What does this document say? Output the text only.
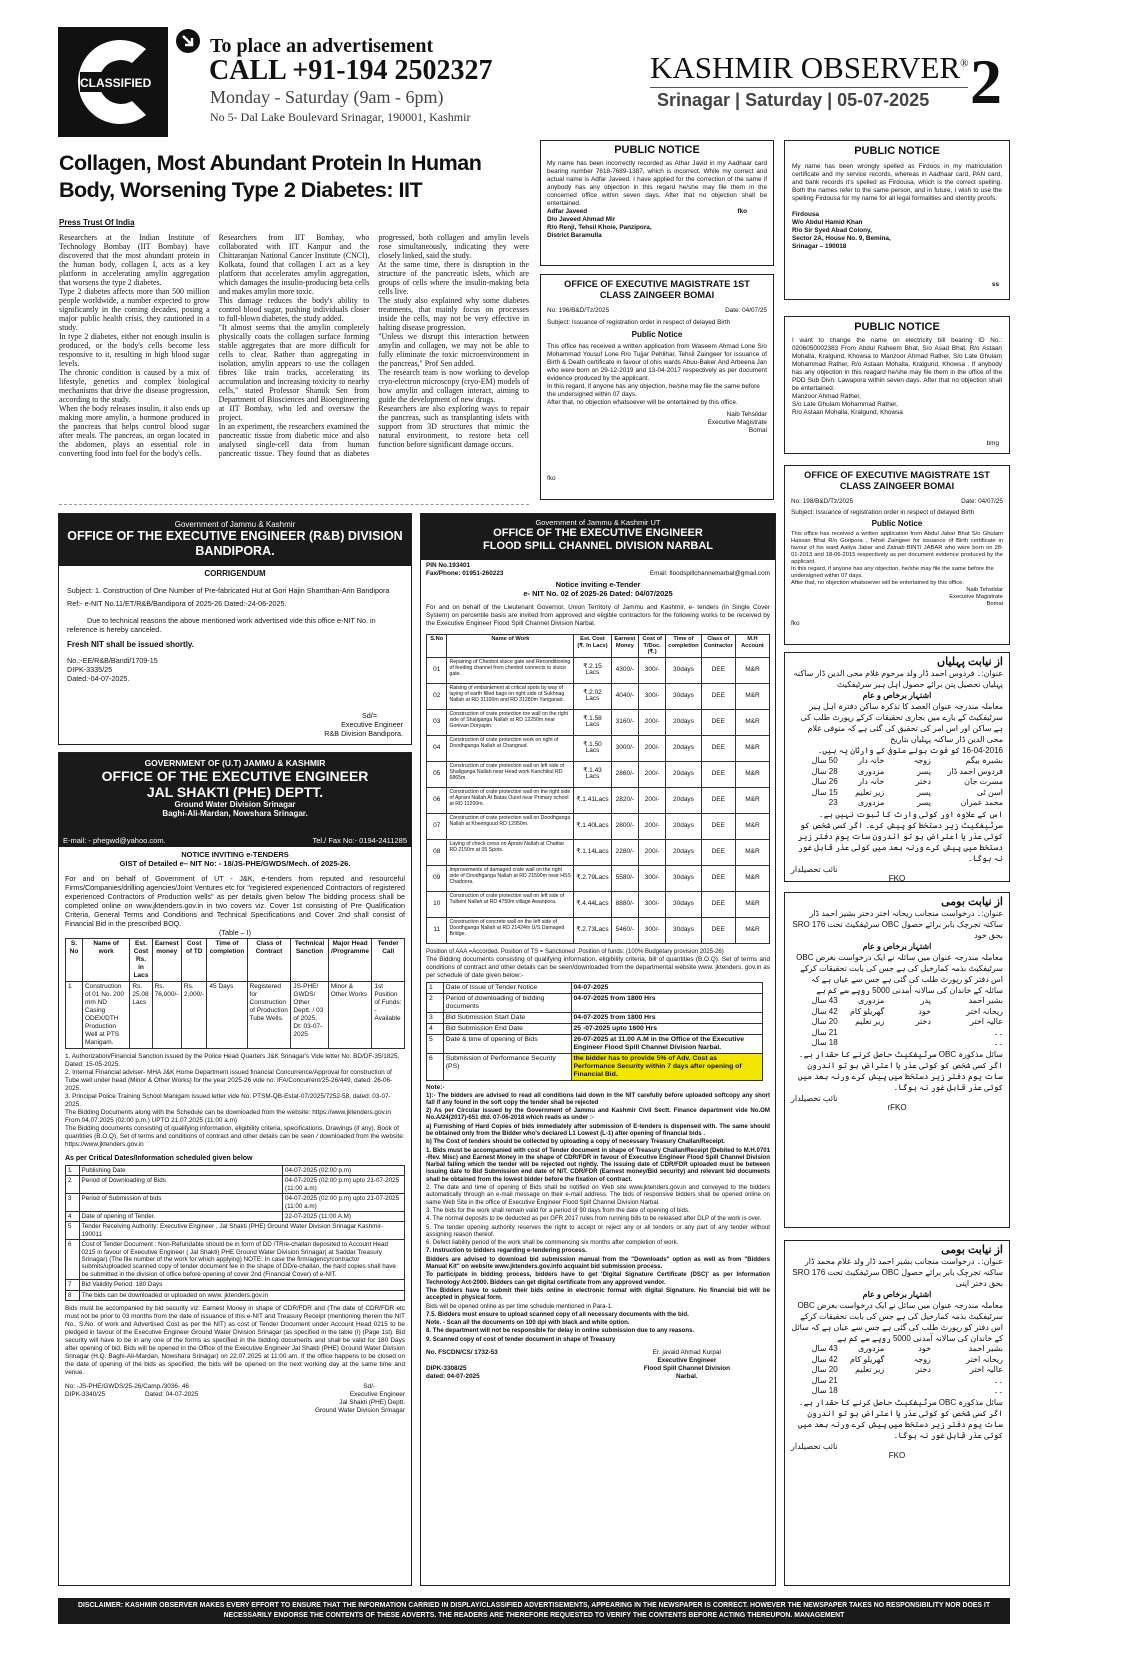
CLASSIFIED
To place an advertisement
CALL +91-194 2502327
Monday - Saturday (9am - 6pm)
No 5- Dal Lake Boulevard Srinagar, 190001, Kashmir
KASHMIR OBSERVER®
Srinagar | Saturday | 05-07-2025 2
Collagen, Most Abundant Protein In Human Body, Worsening Type 2 Diabetes: IIT
Press Trust Of India

Researchers at the Indian Institute of Technology Bombay (IIT Bombay) have discovered that the most abundant protein in the human body, collagen I, acts as a key platform in accelerating amylin aggregation that worsens the type 2 diabetes.

Type 2 diabetes affects more than 500 million people worldwide, a number expected to grow significantly in the coming decades, posing a major public health crisis, they cautioned in a study.

In type 2 diabetes, either not enough insulin is produced, or the body's cells become less responsive to it, resulting in high blood sugar levels.

The chronic condition is caused by a mix of lifestyle, genetics and complex biological mechanisms that drive the disease progression, according to the study.

When the body releases insulin, it also ends up making more amylin, a hormone produced in the pancreas that helps control blood sugar after meals. The pancreas, an organ located in the abdomen, plays an essential role in converting food into fuel for the body's cells.

Researchers from IIT Bombay, who collaborated with IIT Kanpur and the Chittaranjan National Cancer Institute (CNCI), Kolkata, found that collagen I act as a key platform that accelerates amylin aggregation, which damages the insulin-producing beta cells and makes amylin more toxic.

This damage reduces the body's ability to control blood sugar, pushing individuals closer to full-blown diabetes, the study added.

"It almost seems that the amylin completely physically coats the collagen surface forming stable aggregates that are more difficult for cells to clear. Rather than aggregating in isolation, amylin appears to use the collagen fibres like train tracks, accelerating its accumulation and increasing toxicity to nearby cells," stated Professor Shamik Sen from Department of Biosciences and Bioengineering at IIT Bombay, who led and oversaw the project.

In an experiment, the researchers examined the pancreatic tissue from diabetic mice and also analysed single-cell data from human pancreatic tissue. They found that as diabetes progressed, both collagen and amylin levels rose simultaneously, indicating they were closely linked, said the study.

At the same time, there is disruption in the structure of the pancreatic islets, which are groups of cells where the insulin-making beta cells live.

The study also explained why some diabetes treatments, that mainly focus on processes inside the cells, may not be very effective in halting disease progression.

"Unless we disrupt this interaction between amylin and collagen, we may not be able to fully eliminate the toxic microenvironment in the pancreas," Prof Sen added.

The research team is now working to develop cryo-electron microscopy (cryo-EM) models of how amylin and collagen interact, aiming to guide the development of new drugs.

Researchers are also exploring ways to repair the pancreas, such as transplanting islets with support from 3D structures that mimic the natural environment, to restore beta cell function before significant damage occurs.

PUBLIC NOTICE

My name has been incorrectly recorded as Athar Javid in my Aadhaar card bearing number 7618-7689-1387, which is incorrect. While my correct and actual name is Adfar Javeed. I have applied for the correction of the same if anybody has any objection in this regard he/she may file them in the concerned office within seven days. After that no objection shall be entertained.

Adfar Javeed

D/o Javeed Ahmad Mir

R/o Renji, Tehsil Khoie, Panzipora,

District Baramulla

fko
OFFICE OF EXECUTIVE MAGISTRATE 1ST CLASS ZAINGEER BOMAI
No: 196/B&D/Tz/2025	Date: 04/07/25

Subject: Issuance of registration order in respect of delayed Birth

Public Notice

This office has received a written application from Waseem Ahmad Lone S/o Mohammad Yousuf Lone R/o Tujjar Pehlihar, Tehsil Zaingeer for issuance of Birth & Death certificate in favour of ohis wards Abuu-Baker And Arbeena Jan who were born on 29-12-2019 and 13-04-2017 respectively as per document evidence produced by the applicant.

In this regard, if anyone has any objection, he/she may file the same before the undersigned within 07 days.

After that, no objection whatsoever will be entertained by this office.

Naib Tehsildar

Executive Magistrate

Bomai

fko

PUBLIC NOTICE

My name has been wrongly spelled as Firdoos in my matriculation certificate and my service records, whereas in Aadhaar card, PAN card, and bank records it's spelled as Firdousa, which is the correct spelling. Both the names refer to the same person, and in future, I wish to use the spelling Firdousa for my name for all legal formalities and identity proofs.

Firdousa

W/o Abdul Hamid Khan

R/o Sir Syed Abad Colony,

Sector 2A, House No. 9, Bemina,

Srinagar – 190018

ss
PUBLIC NOTICE

I want to change the name on electricity bill bearing ID No.: 0206050002383 From Abdul Raheem Bhat, S/o Asad Bhat, R/o Astaan Mohalla, Kralgund, Khowsa to Manzoor Ahmad Rather, S/o Late Ghulam Mohammad Rather, R/o Astaan Mohalla, Kralgund, Khowsa . If anybody has any objection in this reagard he/she may file them in the office of the PDD Sub Divn. Lawapora within seven days. After that no objection shall be entertained.

Manzoor Ahmad Rather,

S/o Late Ghulam Mohammad Rather,

R/o Astaan Mohalla, Kralgund, Khowsa

bmg
OFFICE OF EXECUTIVE MAGISTRATE 1ST CLASS ZAINGEER BOMAI
No: 198/B&D/Tz/2025	Date: 04/07/25

Subject: Issuance of registration order in respect of delayed Birth

Public Notice

This office has received a written application from Abdul Jabar Bhat S/o Ghulam Hassan Bhat R/o Goripora , Tehsil Zaingeer for issuance of Birth certificate in favour of his ward Aaliya Jabar and Zainab BINTI JABAR who were born on 28-01-2013 and 18-06-2015 respectively as per document evidence produced by the applicant.

In this regard, if anyone has any objection, he/she may file the same before the undersigned within 07 days.

After that, no objection whatsoever will be entertained by this office.

Naib Tehsildar

Executive Magistrate

Bomai

fko

Government of Jammu & Kashmir

OFFICE OF THE EXECUTIVE ENGINEER (R&B) DIVISION BANDIPORA.

CORRIGENDUM

Subject: 1. Construction of One Number of Pre-fabricated Hut at Gori Hajin Shamthan-Arin Bandipora

Ref:- e-NIT No.11/ET/R&B/Bandipora of 2025-26 Dated:-24-06-2025.

Due to technical reasons the above mentioned work advertised vide this office e-NIT No. in reference is hereby canceled.

Fresh NIT shall be issued shortly.

No.:-EE/R&B/Bandi/1709-15

DIPK-3335/25

Dated:-04-07-2025.

Sd/=

Executive Engineer

R&B Division Bandipora.

GOVERNMENT OF (U.T) JAMMU & KASHMIR

OFFICE OF THE EXECUTIVE ENGINEER

JAL SHAKTI (PHE) DEPTT.

Ground Water Division Srinagar

Baghi-Ali-Mardan, Nowshara Srinagar.

E-mail: - phegwd@yahoo.com.	Tel./ Fax No:- 0194-2411285

NOTICE INVITING e-TENDERS

GIST of Detailed e– NIT No: - 18/JS-PHE/GWDS/Mech. of 2025-26.

For and on behalf of Government of UT - J&K, e-tenders from reputed and resourceful Firms/Companies/drilling agencies/Joint Ventures etc for "registered experienced Contractors of registered experienced Contractors of Production wells" as per details given below The bidding process shall be completed online on www.jktenders.gov.in in two covers viz. Cover 1st consisting of Pre Qualification Criteria, General Terms and Conditions and Technical Specifications and Cover 2nd shall consist of Financial Bid in the prescribed BOQ.

(Table – I)

S. No	Name of work	Est. Cost Rs. in Lacs	Earnest money	Cost of TD	Time of completion	Class of Contract	Technical Sanction	Major Head /Programme	Tender Call
1	Construction of 01 No. 200 mm ND Casing ODEX/DTH Production Well at PTS Manigam.	Rs. 25.08 Lacs	Rs. 76,000/-	Rs. 2,000/-	45 Days	Registered for Construction of Production Tube Wells.	JS-PHE/ GWDS/ Other Deptt. / 03 of 2025, Dt: 03-07-2025	Minor & Other Works	1st Position of Funds: - Available

1. Authorization/Financial Sanction issued by the Police Head Quarters J&K Srinagar's Vide letter No: BD/DF-35/1825, Dated: 15-05-2025.

2. Internal Financial adviser- MHA J&K Home Department issued financial Concurrence/Approval for construction of Tube well under head (Minor & Other Works) for the year 2025-26 vide no: IFA/Concurrent/25-26/449, dated: 26-06-2025.

3. Principal Police Training School Manigam issued letter vide No: PTSM-QB-Estat-07/2025/7252-58, dated: 03-07-2025.

The Bidding Documents along with the Schedule can be downloaded from the website: https://www.jktenders.gov.in From 04.07.2025 (02:00 p.m.) UPTO 21.07.2025 (11:00 a.m)

The Bidding documents consisting of qualifying information, eligibility criteria, specifications, Drawings (if any), Book of quantities (B.O.Q), Set of terms and conditions of contract and other details can be seen / downloaded from the website: https://www.jktenders.gov.in

As per Critical Dates/Information scheduled given below

1	Publishing Date	04-07-2025 (02:00 p.m)
2	Period of Downloading of Bids	04-07-2025 (02:00 p.m) upto 21-07-2025 (11:00 a.m)
3	Period of Submission of bids	04-07-2025 (02:00 p.m) upto 21-07-2025 (11:00 a.m)
4	Date of opening of Tender.	22-07-2025 (11:00 A.M)
5	Tender Receiving Authority: Executive Engineer , Jal Shakti (PHE) Ground Water Division Srinagar Kashmir-190011	
6	Cost of Tender Document : Non-Refundable should be in form of DD /TR/e-challan deposited to Account Head 0215 in favour of Executive Engineer ( Jal Shakti) PHE Ground Water Division Srinagar( at Saddar Treasury Srinagar) (The file number of the work for which applying) NOTE: In case the firm/agency/contractor submits/uploaded scanned copy of tender document fee in the shape of DD/e-challan, the hard copies shall have be submitted in the division of office before opening of cover 2nd (Financial Cover) of e-NIT.	
7	Bid Validity Period: 180 Days	
8	The bids can be downloaded or uploaded on www. jktenders.gov.in	

Bids must be accompanied by bid security viz: Earnest Money in shape of CDR/FDR and (The date of CDR/FDR etc must not be prior to 03 months from the date of issuance of this e-NIT and Treasury Receipt (mentioning therein the NIT No., S.No. of work and Advertised Cost as per the NIT) as cost of Tender Document under Account Head 0215 to be pledged in favour of the Executive Engineer Ground Water Division Srinagar (as specified in the table (I) (Page 1st). Bid security will have to be in any one of the forms as specified in the bidding documents and shall be valid for 180 Days after opening of bid. Bids will be opened in the Office of the Executive Engineer Jal Shakti (PHE) Ground Water Division Srinagar (H.Q. Baghi-Ali-Mardan, Nowshara Srinagar) on 22.07.2025 at 11:00 am. If the office happens to be closed on the date of opening of the bids as specified, the bids will be opened on the next working day at the same time and venue.

No: -JS-PHE/GWDS/25-26/Camp./3036- 46

DIPK-3340/25	Dated: 04-07-2025

Sd/-

Executive Engineer

Jal Shakti (PHE) Deptt.

Ground Water Division Srinagar

Government of Jammu & Kashmir UT

OFFICE OF THE EXECUTIVE ENGINEER

FLOOD SPILL CHANNEL DIVISION NARBAL

PIN No.193401

Fax/Phone: 01951-260223	Email: floodspillchannelnarbal@gmail.com

Notice inviting e-Tender

e- NIT No. 02 of 2025-26 Dated: 04/07/2025

For and on behalf of the Lieutenant Governor, Union Territory of Jammu and Kashmir, e- tenders (in Single Cover System) on percentile basis are invited from approved and eligible contractors for the following works to be received by the Executive Engineer Flood Spill Channel Division Narbal.

S.No	Name of Work	Est. Cost (₹. In Lacs)	Earnest Money	Cost of T/Doc. (₹.)	Time of completion	Class of Contractor	M.H Account
01	Repairing of Chenbol sluice gate and Reconditioning of feeding channel from chenbol connects to sluice gate.	₹.2.15 Lacs	4300/-	300/-	30days	DEE	M&R
02	Raising of embankment at critical spots by way of laying of earth filled bags on right side of Sukhnag Nallah at RD 31100m and RD 31280m Yariganad.	₹.2.02 Lacs	4040/-	300/-	30days	DEE	M&R
03	Construction of crate protection toe wall on the right side of Shaliganga Nallah at RD 12250m near Gonivan Doryapin.	₹.1.58 Lacs	3160/-	200/-	20days	DEE	M&R
04	Construction of crate protection work on right of Doodhganga Nallah at Changnud.	₹.1.50 Lacs	3000/-	200/-	20days	DEE	M&R
05	Construction of crate protection wall on left side of Shaliganga Nallah near Head work Kanchikul RD 6865m.	₹.1.43 Lacs	2860/-	200/-	20days	DEE	M&R
06	Construction of crate protection wall on the right side of Aprani Nallah At Batas Ound near Primary school at RD 11200m.	₹.1.41Lacs	2820/-	200/-	20days	DEE	M&R
07	Construction of crate protection wall on Doodhganga Nallah at Kheeriguud RD 12950m.	₹.1.40Lacs	2800/-	200/-	20days	DEE	M&R
08	Laying of check cress on Aprani Nallah at Chattiar RD 2150m at 05 Spots.	₹.1.14Lacs	2280/-	200/-	20days	DEE	M&R
09	Improvements of damaged crate wall on the right side of Doodhganga Nallah at RD 21590m near HSS Chadoora.	₹.2.79Lacs	5580/-	300/-	30days	DEE	M&R
10	Construction of crate protection wall on left side of Tulbeni Nallah at RD 4750m village Awanpora.	₹.4.44Lacs	8880/-	300/-	30days	DEE	M&R
11	Construction of concrete wall on the left side of Doodhganga Nallah at RD 21424m U/S Damaged Bridge.	₹.2.73Lacs	5460/-	300/-	30days	DEE	M&R

Position of AAA =Accorded. Position of TS = Sanctioned .Position of funds: (100% Budgetary provision 2025-26)

The Bidding documents consisting of qualifying information, eligibility criteria, bill of quantities (B.O.Q). Set of terms and conditions of contract and other details can be seen/downloaded from the departmental website www. jktenders. gov.in as per schedule of date given below:-

1	Date of Issue of Tender Notice	04-07-2025
2	Period of downloading of bidding documents	04-07-2025 from 1800 Hrs
3	Bid Submission Start Date	04-07-2025 from 1800 Hrs
4	Bid Submission End Date	25 -07-2025 upto 1600 Hrs
5	Date & time of opening of Bids	26-07-2025 at 11.00 A.M in the Office of the Executive Engineer Flood Spill Channel Division Narbal.
6	Submission of Performance Security (PS)	the bidder has to provide 5% of Adv. Cost as Performance Security within 7 days after opening of Financial Bid.

Note:-

1):- The bidders are advised to read all conditions laid down in the NIT carefully before uploaded softcopy any short fall if any found in the soft copy the tender shall be rejected

2) As per Circular issued by the Government of Jammu and Kashmir Civil Sectt. Finance department vide No.OM No.A/24(2017)-651 dtd. 07-06-2018 which reads as under :-

a) Furnishing of Hard Copies of bids immediately after submission of E-tenders is dispensed with. The same should be obtained only from the Bidder who's declared L1 Lowest (L-1) after opening of financial bids .

b) The Cost of tenders should be collected by uploading a copy of necessary Treasury Challan/Receipt.

1. Bids must be accompanied with cost of Tender document in shape of Treasury Challan/Receipt (Debited to M.H.0701 -Rev. Misc) and Earnest Money in the shape of CDR/FDR in favour of Executive Engineer Flood Spill Channel Division Narbal failing which the tender will be rejected out rightly. The issuing date of CDR/FDR uploaded must be between issuing date to Bid Submission end date of NIT. CDR/FDR (Earnest money/Bid security) and relevant bid documents shall be obtained from the lowest bidder before the fixation of contract.

2. The date and time of opening of Bids shall be notified on Web site www.jktenders.gov.in and conveyed to the bidders automatically through an e-mail message on their e-mail address. The bids of responsive bidders shall be opened online on same Web Site in the office of Executive Engineer Flood Spill Channel Division Narbal.

3. The bids for the work shall remain valid for a period of 90 days from the date of opening of bids.

4. The normal deposits to be deducted as per GFR 2017 rules from running bills to be released after DLP of the work is over.

5. The tender opening authority reserves the right to accept or reject any or all tenders or any part of any tender without assigning reason thereof.

6. Defect liability period of the work shall be commencing six months after completion of work.

7. Instruction to bidders regarding e-tendering process.

Bidders are advised to download bid submission manual from the "Downloads" option as well as from "Bidders Manual Kit" on website www.jktenders.gov.info acquaint bid submission process.

To participate in bidding process, bidders have to get 'Digital Signature Certificate (DSC)' as per Information Technology Act-2000. Bidders can get digital certificate from any approved vendor.

The Bidders have to submit their bids online in electronic format with digital Signature. No financial bid will be accepted in physical form.

Bids will be opened online as per time schedule mentioned in Para-1.

7.5. Bidders must ensure to upload scanned copy of all necessary documents with the bid.

Note. - Scan all the documents on 100 dpi with black and white option.

8. The department will not be responsible for delay in online submission due to any reasons.

9. Scanned copy of cost of tender document in shape of Treasury

No. FSCDN/CS/ 1732-53

DIPK-3308/25

dated: 04-07-2025

Er. javaid Ahmad Kurpal

Executive Engineer

Flood Spill Channel Division

Narbal.

از نیابت پہلیاں

عنوان:۔ فردوس احمد ڈار ولد مرحوم غلام محی الدین ڈار ساکنہ پہلیاں تحصیل پتن برائے حصول اہل ہیر سرٹیفکیٹ

اشتہار برخاص و عام

معاملہ مندرجہ عنوان العصد کا تذکرہ ساکن دفترہ اہل ہیر سرٹیفکیٹ کے بارے میں بجاری تحقیقات کرکے رپورٹ طلب کی ہے ساکن اور اس امر کی تحقیق کی گئی ہے کہ متوفی غلام محی الدین ڈار ساکنہ پہلیاں بتاریخ

16-04-2016 کو فوت ہوئے متوفی کے وارثان یہ ہیں۔

بشیرہ بیگم
زوجہ
خانہ دار
50 سال
فردوس احمد ڈار
پسر
مزدوری
28 سال
مسرت جان
دختر
خانہ دار
26 سال
اسن ٹی
پسر
زیر تعلیم
15 سال
محمد عمران
پسر
مزدوری
23

اس کے علاوہ اور کوئی وارث کا ثبوت نہیں ہے۔ سرٹیفکیٹ زیر دستخط کو پیش کرے۔ اگر کسی شخص کو کوئی عذر یا اعتراض ہو تو اندرون سات یوم دفتر زیر دستخط میں پیش کرے ورنہ بعد میں کوئی عذر قابل غور نہ ہوگا۔

نائب تحصیلدار

FKO

از نیابت بومی

عنوان:۔ درخواست منجانب ریحانہ اختر دختر بشیر احمد ڈار ساکنہ تجرچک بابر برائے حصول OBC سرٹیفکیٹ تحت SRO 176 بحق خود

اشتہار برخاص و عام

معاملہ مندرجہ عنوان میں سائلہ نے ایک درخواست بغرض OBC سرٹیفکیٹ بذمہ کمارخیل کی ہے جس کی بابت تحقیقات کرکے اس دفتر کو رپورٹ طلب کی گئی ہے جس سے عیاں ہے کہ سائلہ کے خاندان کی سالانہ آمدنی 5000 روپے سے کم ہے

بشیر احمد
پدر
مزدوری
43 سال
ریحانہ اختر
خود
گھریلو کام
42 سال
عالیہ اختر
دختر
زیر تعلیم
20 سال
۔۔
21 سال
۔۔
18 سال

سائل مذکورہ OBC سرٹیفکیٹ حاصل کرنے کا حقدار ہے۔ اگر کسی شخص کو کوئی عذر یا اعتراض ہو تو اندرون سات یوم دفتر زیر دستخط میں پیش کرے ورنہ بعد میں کوئی عذر قابل غور نہ ہوگا۔

نائب تحصیلدار

rFKO

از نیابت بومی

عنوان:۔ درخواست منجانب بشیر احمد ڈار ولد غلام محمد ڈار ساکنہ تجرچک بابر برائے حصول OBC سرٹیفکیٹ تحت SRO 176 بحق دختر اپنی

اشتہار برخاص و عام

معاملہ مندرجہ عنوان میں سائل نے ایک درخواست بغرض OBC سرٹیفکیٹ بذمہ کمارخیل کی ہے جس کی بابت تحقیقات کرکے اس دفتر کو رپورٹ طلب کی گئی ہے جس سے عیاں ہے کہ سائل کے خاندان کی سالانہ آمدنی 5000 روپے سے کم ہے

بشیر احمد
خود
مزدوری
43 سال
ریحانہ اختر
زوجہ
گھریلو کام
42 سال
عالیہ اختر
دختر
زیر تعلیم
20 سال
۔۔
21 سال
۔۔
18 سال

سائل مذکورہ OBC سرٹیفکیٹ حاصل کرنے کا حقدار ہے۔ اگر کسی شخص کو کوئی عذر یا اعتراض ہو تو اندرون سات یوم دفتر زیر دستخط میں پیش کرے ورنہ بعد میں کوئی عذر قابل غور نہ ہوگا۔

نائب تحصیلدار

FKO

DISCLAIMER: KASHMIR OBSERVER MAKES EVERY EFFORT TO ENSURE THAT THE INFORMATION CARRIED IN DISPLAY/CLASSIFIED ADVERTISEMENTS, APPEARING IN THE NEWSPAPER IS CORRECT. HOWEVER THE NEWSPAPER TAKES NO RESPONSIBILITY NOR DOES IT NECESSARILY ENDORSE THE CONTENTS OF THESE ADVERTS. THE READERS ARE THEREFORE REQUESTED TO VERIFY THE CONTENTS BEFORE ACTING THEREUPON. MANAGEMENT
